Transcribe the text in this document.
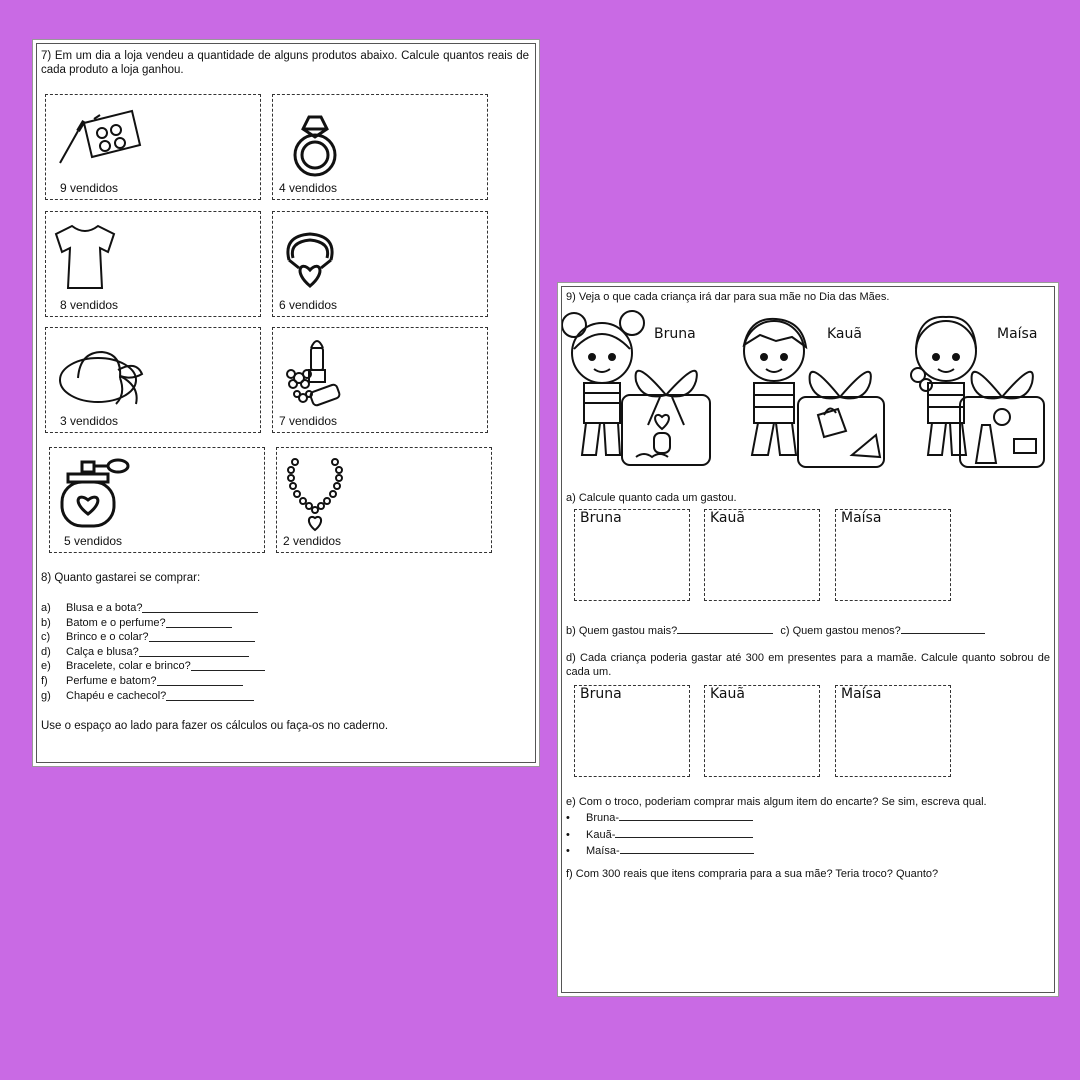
7) Em um dia a loja vendeu a quantidade de alguns produtos abaixo. Calcule quantos reais de cada produto a loja ganhou.
9 vendidos	4 vendidos
8 vendidos	6 vendidos
3 vendidos	7 vendidos
5 vendidos	2 vendidos
8) Quanto gastarei se comprar:
a)	Blusa e a bota?
b)	Batom e o perfume?
c)	Brinco e o colar?
d)	Calça e blusa?
e)	Bracelete, colar e brinco?
f)	Perfume e batom?
g)	Chapéu e cachecol?
Use o espaço ao lado para fazer os cálculos ou faça-os no caderno.
9) Veja o que cada criança irá dar para sua mãe no Dia das Mães.
Bruna	Kauã	Maísa
a) Calcule quanto cada um gastou.
Bruna	Kauã	Maísa
b) Quem gastou mais?	c) Quem gastou menos?
d) Cada criança poderia gastar até 300 em presentes para a mamãe. Calcule quanto sobrou de cada um.
Bruna	Kauã	Maísa
e) Com o troco, poderiam comprar mais algum item do encarte? Se sim, escreva qual.
• Bruna-
• Kauã-
• Maísa-
f) Com 300 reais que itens compraria para a sua mãe? Teria troco? Quanto?
